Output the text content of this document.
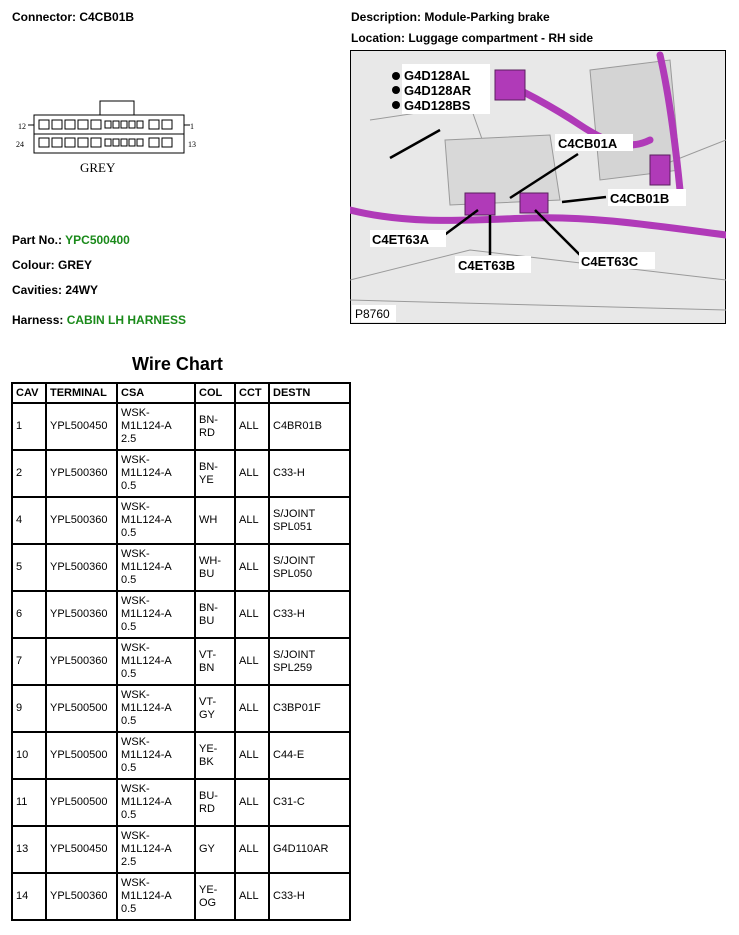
Connector: C4CB01B	Description: Module-Parking brake
Location: Luggage compartment - RH side
12
24
1
13
GREY
Part No.: YPC500400
Colour: GREY
Cavities: 24WY
Harness: CABIN LH HARNESS
G4D128AL
G4D128AR
G4D128BS
C4CB01A
C4CB01B
C4ET63A
C4ET63B	C4ET63C
P8760
Wire Chart
CAV	TERMINAL	CSA	COL	CCT	DESTN
1	YPL500450	WSK-
M1L124-A
2.5	BN-
RD	ALL	C4BR01B
2	YPL500360	WSK-
M1L124-A
0.5	BN-
YE	ALL	C33-H
4	YPL500360	WSK-
M1L124-A
0.5	WH	ALL	S/JOINT
SPL051
5	YPL500360	WSK-
M1L124-A
0.5	WH-
BU	ALL	S/JOINT
SPL050
6	YPL500360	WSK-
M1L124-A
0.5	BN-
BU	ALL	C33-H
7	YPL500360	WSK-
M1L124-A
0.5	VT-
BN	ALL	S/JOINT
SPL259
9	YPL500500	WSK-
M1L124-A
0.5	VT-
GY	ALL	C3BP01F
10	YPL500500	WSK-
M1L124-A
0.5	YE-
BK	ALL	C44-E
11	YPL500500	WSK-
M1L124-A
0.5	BU-
RD	ALL	C31-C
13	YPL500450	WSK-
M1L124-A
2.5	GY	ALL	G4D110AR
14	YPL500360	WSK-
M1L124-A
0.5	YE-
OG	ALL	C33-H
